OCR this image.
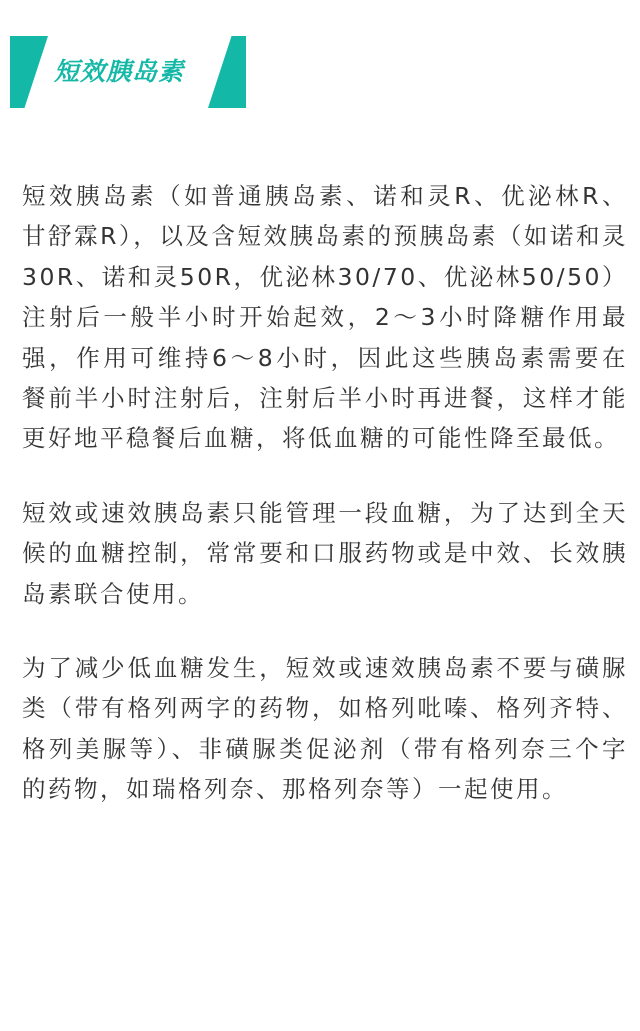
短效胰岛素

短效胰岛素（如普通胰岛素、诺和灵R、优泌林R、甘舒霖R），以及含短效胰岛素的预胰岛素（如诺和灵30R、诺和灵50R，优泌林30/70、优泌林50/50）注射后一般半小时开始起效，2～3小时降糖作用最强，作用可维持6～8小时，因此这些胰岛素需要在餐前半小时注射后，注射后半小时再进餐，这样才能更好地平稳餐后血糖，将低血糖的可能性降至最低。

短效或速效胰岛素只能管理一段血糖，为了达到全天候的血糖控制，常常要和口服药物或是中效、长效胰岛素联合使用。

为了减少低血糖发生，短效或速效胰岛素不要与磺脲类（带有格列两字的药物，如格列吡嗪、格列齐特、格列美脲等）、非磺脲类促泌剂（带有格列奈三个字的药物，如瑞格列奈、那格列奈等）一起使用。
